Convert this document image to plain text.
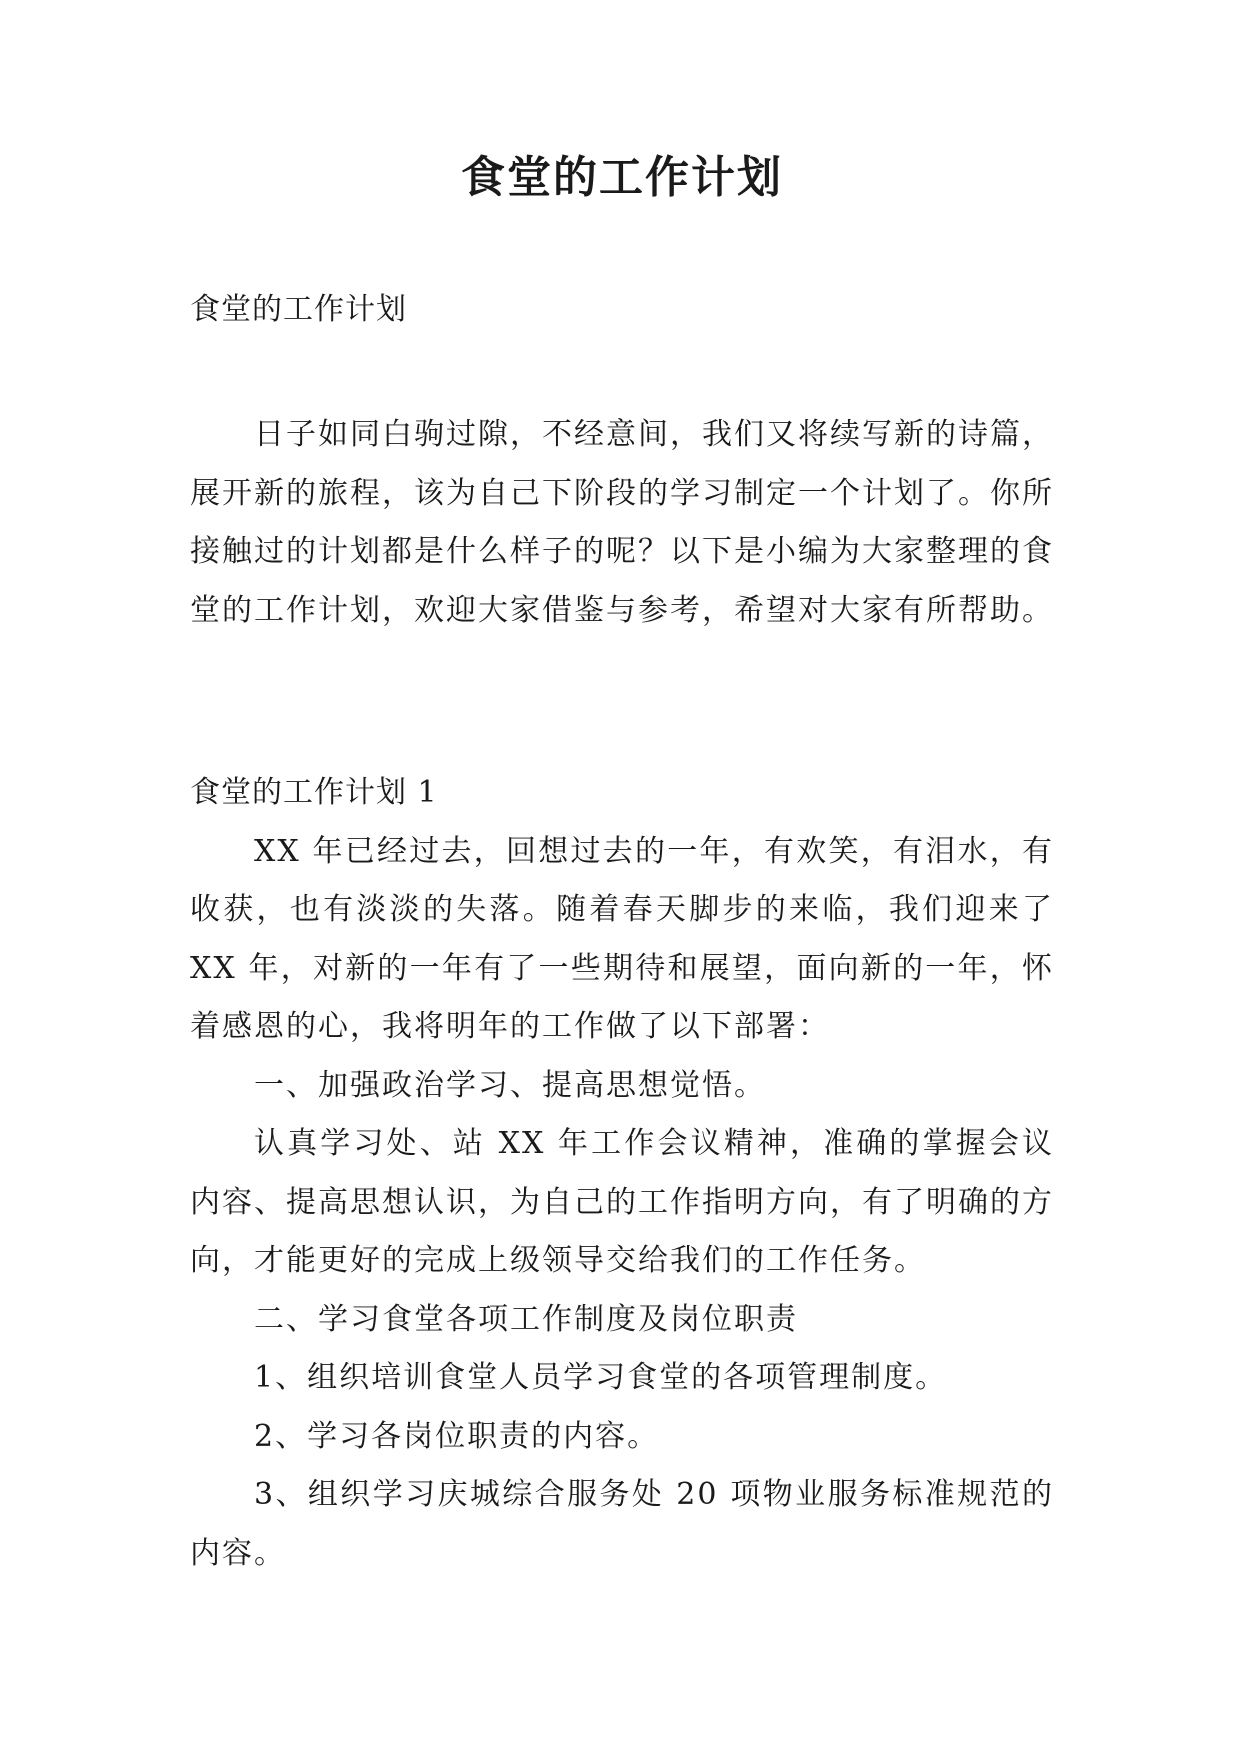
食堂的工作计划

食堂的工作计划

日子如同白驹过隙，不经意间，我们又将续写新的诗篇，展开新的旅程，该为自己下阶段的学习制定一个计划了。你所接触过的计划都是什么样子的呢？以下是小编为大家整理的食堂的工作计划，欢迎大家借鉴与参考，希望对大家有所帮助。

食堂的工作计划 1

XX 年已经过去，回想过去的一年，有欢笑，有泪水，有收获，也有淡淡的失落。随着春天脚步的来临，我们迎来了XX 年，对新的一年有了一些期待和展望，面向新的一年，怀着感恩的心，我将明年的工作做了以下部署：

一、加强政治学习、提高思想觉悟。

认真学习处、站 XX 年工作会议精神，准确的掌握会议内容、提高思想认识，为自己的工作指明方向，有了明确的方向，才能更好的完成上级领导交给我们的工作任务。

二、学习食堂各项工作制度及岗位职责

1、组织培训食堂人员学习食堂的各项管理制度。

2、学习各岗位职责的内容。

3、组织学习庆城综合服务处 20 项物业服务标准规范的内容。
